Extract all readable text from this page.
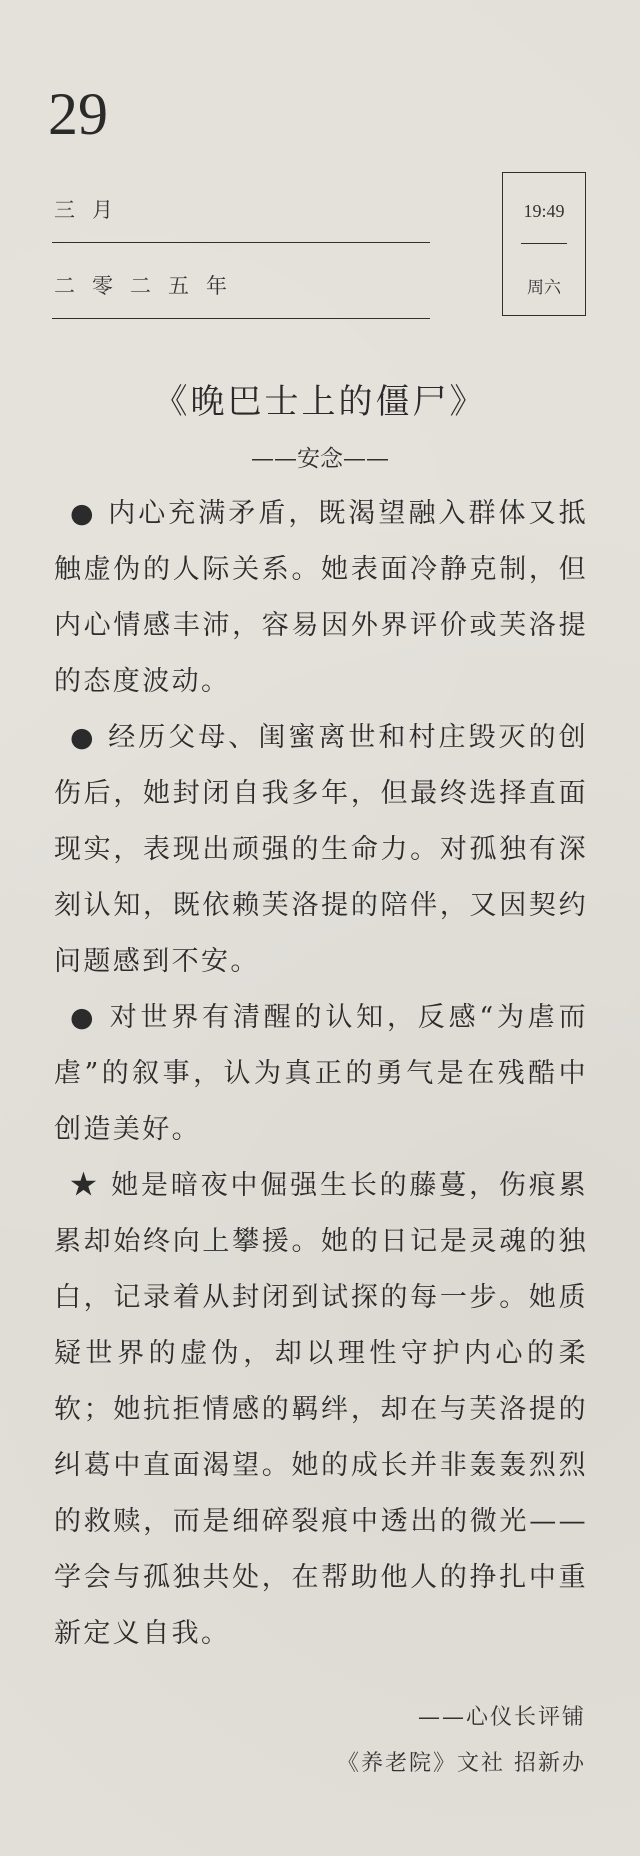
29
三月
二零二五年
19:49
周六
《晚巴士上的僵尸》
——安念——

● 内心充满矛盾，既渴望融入群体又抵触虚伪的人际关系。她表面冷静克制，但内心情感丰沛，容易因外界评价或芙洛提的态度波动。

● 经历父母、闺蜜离世和村庄毁灭的创伤后，她封闭自我多年，但最终选择直面现实，表现出顽强的生命力。对孤独有深刻认知，既依赖芙洛提的陪伴，又因契约问题感到不安。

● 对世界有清醒的认知，反感“为虐而虐”的叙事，认为真正的勇气是在残酷中创造美好。

★ 她是暗夜中倔强生长的藤蔓，伤痕累累却始终向上攀援。她的日记是灵魂的独白，记录着从封闭到试探的每一步。她质疑世界的虚伪，却以理性守护内心的柔软；她抗拒情感的羁绊，却在与芙洛提的纠葛中直面渴望。她的成长并非轰轰烈烈的救赎，而是细碎裂痕中透出的微光——学会与孤独共处，在帮助他人的挣扎中重新定义自我。

——心仪长评铺
《养老院》文社 招新办
